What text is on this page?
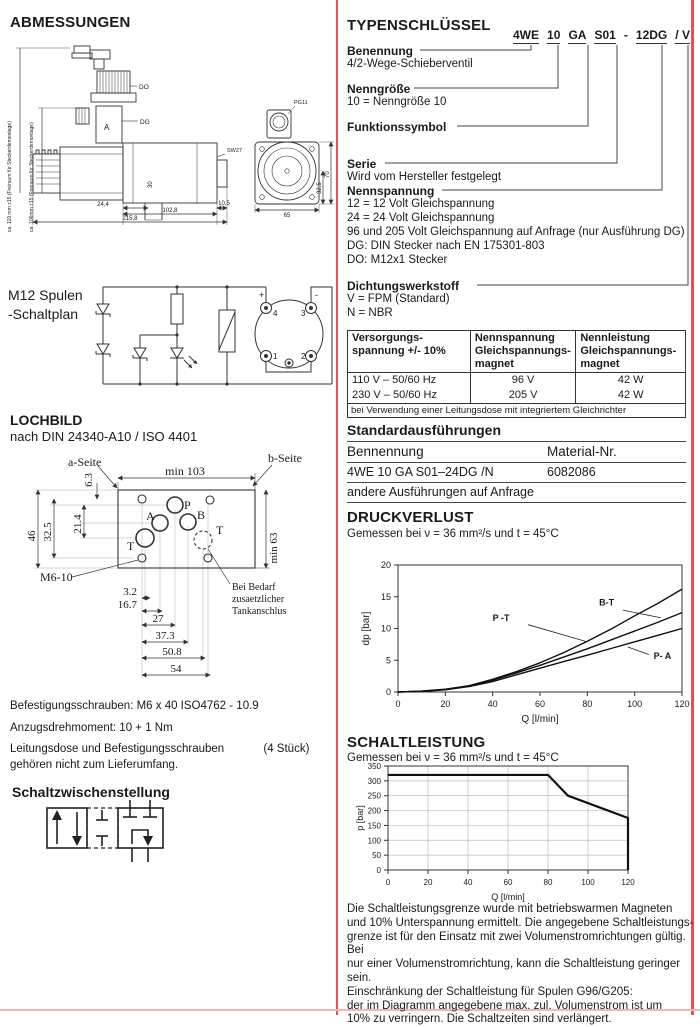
ABMESSUNGEN
ca. 119 mm ±15 (Freiraum für Steckerdemontage)	ca. 106mm ±15 (Freiraum für Steckerdemontage)	24,4
102,8
10,5
215,8
30
DO
DG
A
SW27
PG11
70
32,5
65
M12 Spulen
-Schaltplan	4	3
1	2
+	-
LOCHBILD
nach DIN 24340-A10 / ISO 4401
a-Seite	b-Seite
min 103
min 63
46 32.5 21.4
6.3
P
A	B
T
T
M6-10
3.2
16.7
27
37.3
50.8
54
Bei Bedarf
zusaetzlicher
Tankanschlus
Befestigungsschrauben: M6 x 40 ISO4762 - 10.9
Anzugsdrehmoment: 10 + 1 Nm
Leitungsdose und Befestigungsschrauben	(4 Stück)
gehören nicht zum Lieferumfang.
Schaltzwischenstellung
TYPENSCHLÜSSEL
4WE 10 GA S01 - 12DG / V
Benennung
4/2-Wege-Schieberventil
Nenngröße
10 = Nenngröße 10
Funktionssymbol
Serie
Wird vom Hersteller festgelegt
Nennspannung
12 = 12 Volt Gleichspannung
24 = 24 Volt Gleichspannung
96 und 205 Volt Gleichspannung auf Anfrage (nur Ausführung DG)
DG: DIN Stecker nach EN 175301-803
DO: M12x1 Stecker
Dichtungswerkstoff
V = FPM (Standard)
N = NBR
Versorgungs-
spannung +/- 10%

Nennspannung
Gleichspannungs-
magnet

Nennleistung
Gleichspannungs-
magnet

110 V – 50/60 Hz	96 V	42 W
230 V – 50/60 Hz	205 V	42 W
bei Verwendung einer Leitungsdose mit integriertem Gleichrichter		
Standardausführungen
Bennennung	Material-Nr.
4WE 10 GA S01–24DG /N	6082086
andere Ausführungen auf Anfrage
DRUCKVERLUST
Gemessen bei ν = 36 mm²/s und t = 45°C
0
5
10
15
20
0	20	40	60	80	100	120
Q [l/min]
dp [bar]	P -T
B-T
P- A
SCHALTLEISTUNG
Gemessen bei ν = 36 mm²/s und t = 45°C
0
50
100
150
200
250
300
350
0	20	40	60	80	100	120
Q [l/min]
p [bar]
Die Schaltleistungsgrenze wurde mit betriebswarmen Magneten
und 10% Unterspannung ermittelt. Die angegebene Schaltleistungs-
grenze ist für den Einsatz mit zwei Volumenstromrichtungen gültig. Bei
nur einer Volumenstromrichtung, kann die Schaltleistung geringer sein.
Einschränkung der Schaltleistung für Spulen G96/G205:
der im Diagramm angegebene max. zul. Volumenstrom ist um
10% zu verringern. Die Schaltzeiten sind verlängert.
